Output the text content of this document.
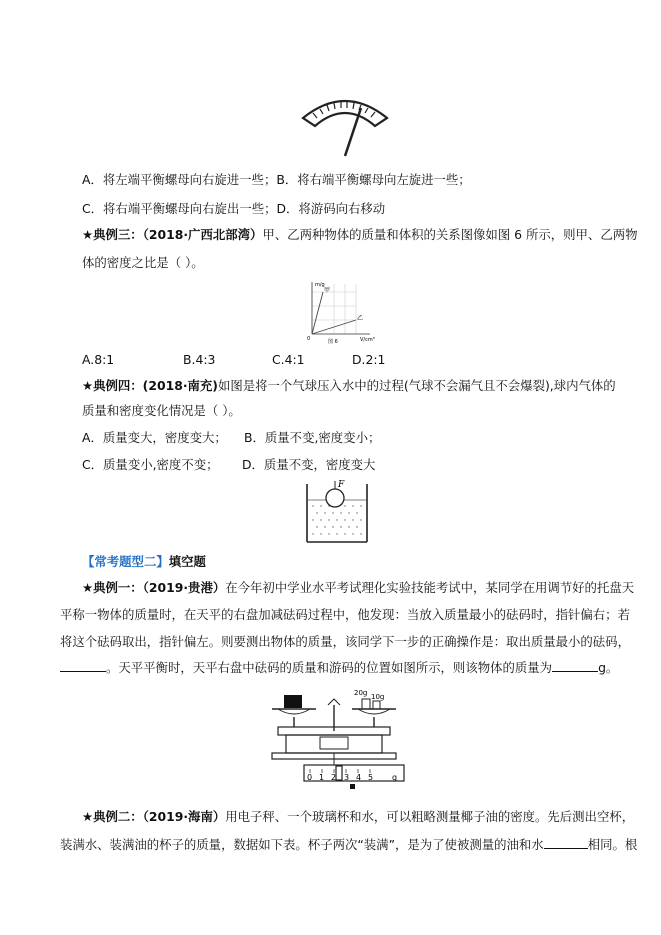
A．将左端平衡螺母向右旋进一些；B．将右端平衡螺母向左旋进一些；
C．将右端平衡螺母向右旋出一些；D．将游码向右移动
★典例三：（2018·广西北部湾）甲、乙两种物体的质量和体积的关系图像如图 6 所示，则甲、乙两物
体的密度之比是（ ）。
m/g
甲
乙
0	V/cm³
图 6
A.8:1	B.4:3	C.4:1	D.2:1
★典例四：(2018·南充)如图是将一个气球压入水中的过程(气球不会漏气且不会爆裂),球内气体的
质量和密度变化情况是（ ）。
A．质量变大，密度变大； B．质量不变,密度变小；
C．质量变小,密度不变； D．质量不变，密度变大
F
【常考题型二】填空题
★典例一：（2019·贵港）在今年初中学业水平考试理化实验技能考试中，某同学在用调节好的托盘天
平称一物体的质量时，在天平的右盘加减砝码过程中，他发现：当放入质量最小的砝码时，指针偏右；若
将这个砝码取出，指针偏左。则要测出物体的质量，该同学下一步的正确操作是：取出质量最小的砝码，
。天平平衡时，天平右盘中砝码的质量和游码的位置如图所示，则该物体的质量为	g。
20g 10g
0 1 2 3 4 5 g
★典例二：（2019·海南）用电子秤、一个玻璃杯和水，可以粗略测量椰子油的密度。先后测出空杯，
装满水、装满油的杯子的质量，数据如下表。杯子两次“装满”，是为了使被测量的油和水	相同。根
